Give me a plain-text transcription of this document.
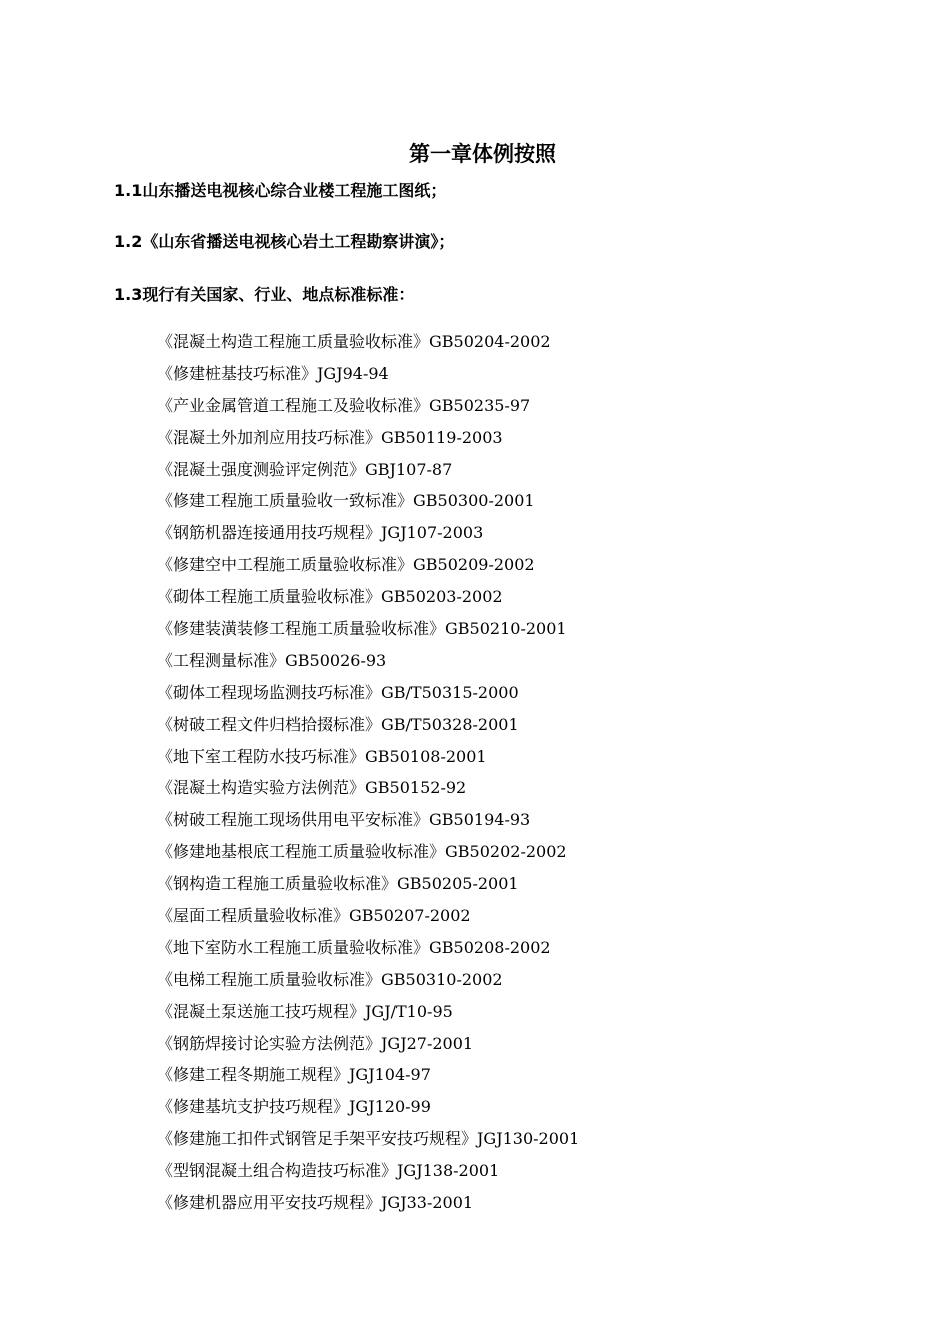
第一章体例按照

1.1山东播送电视核心综合业楼工程施工图纸；

1.2《山东省播送电视核心岩土工程勘察讲演》；

1.3现行有关国家、行业、地点标准标准：

《混凝土构造工程施工质量验收标准》GB50204-2002
《修建桩基技巧标准》JGJ94-94
《产业金属管道工程施工及验收标准》GB50235-97
《混凝土外加剂应用技巧标准》GB50119-2003
《混凝土强度测验评定例范》GBJ107-87
《修建工程施工质量验收一致标准》GB50300-2001
《钢筋机器连接通用技巧规程》JGJ107-2003
《修建空中工程施工质量验收标准》GB50209-2002
《砌体工程施工质量验收标准》GB50203-2002
《修建装潢装修工程施工质量验收标准》GB50210-2001
《工程测量标准》GB50026-93
《砌体工程现场监测技巧标准》GB/T50315-2000
《树破工程文件归档拾掇标准》GB/T50328-2001
《地下室工程防水技巧标准》GB50108-2001
《混凝土构造实验方法例范》GB50152-92
《树破工程施工现场供用电平安标准》GB50194-93
《修建地基根底工程施工质量验收标准》GB50202-2002
《钢构造工程施工质量验收标准》GB50205-2001
《屋面工程质量验收标准》GB50207-2002
《地下室防水工程施工质量验收标准》GB50208-2002
《电梯工程施工质量验收标准》GB50310-2002
《混凝土泵送施工技巧规程》JGJ/T10-95
《钢筋焊接讨论实验方法例范》JGJ27-2001
《修建工程冬期施工规程》JGJ104-97
《修建基坑支护技巧规程》JGJ120-99
《修建施工扣件式钢管足手架平安技巧规程》JGJ130-2001
《型钢混凝土组合构造技巧标准》JGJ138-2001
《修建机器应用平安技巧规程》JGJ33-2001
